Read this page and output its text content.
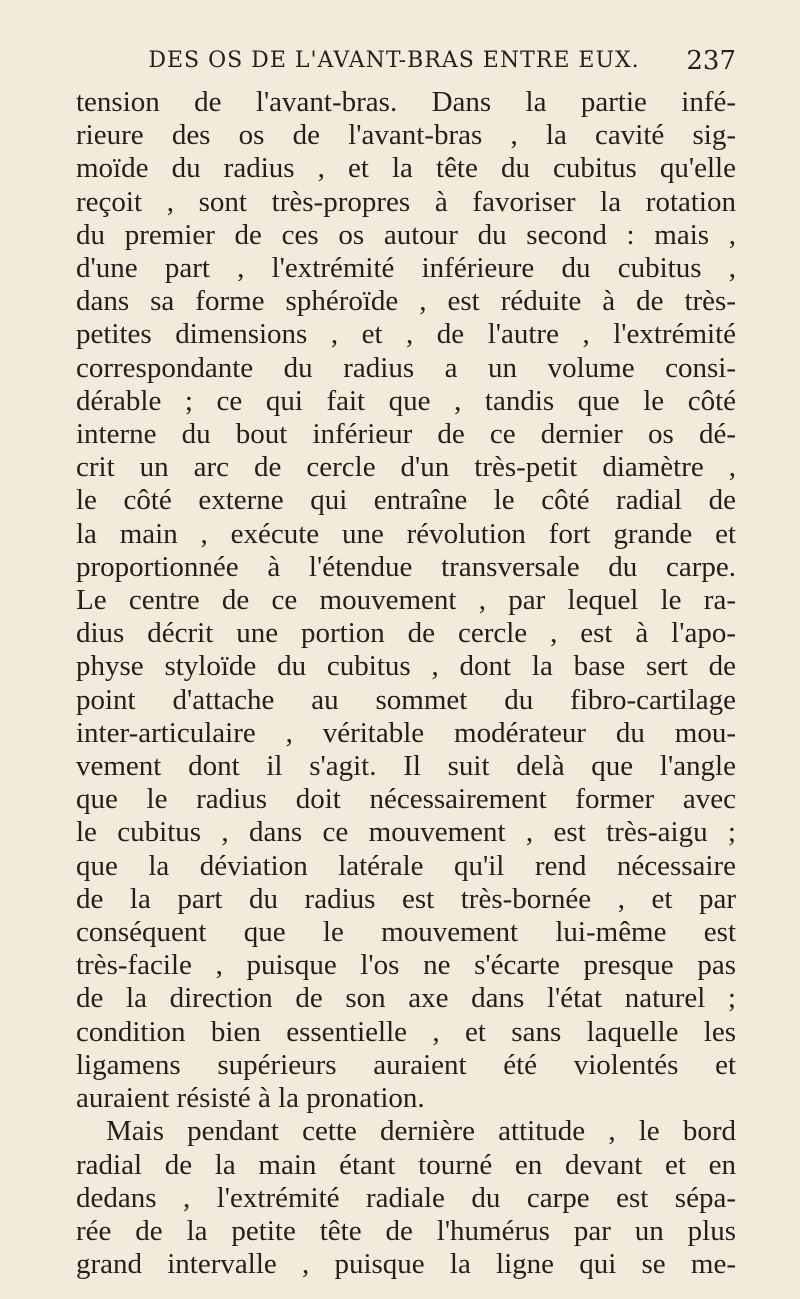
DES OS DE L'AVANT-BRAS ENTRE EUX. 237
tension de l'avant-bras. Dans la partie infé-
rieure des os de l'avant-bras , la cavité sig-
moïde du radius , et la tête du cubitus qu'elle
reçoit , sont très-propres à favoriser la rotation
du premier de ces os autour du second : mais ,
d'une part , l'extrémité inférieure du cubitus ,
dans sa forme sphéroïde , est réduite à de très-
petites dimensions , et , de l'autre , l'extrémité
correspondante du radius a un volume consi-
dérable ; ce qui fait que , tandis que le côté
interne du bout inférieur de ce dernier os dé-
crit un arc de cercle d'un très-petit diamètre ,
le côté externe qui entraîne le côté radial de
la main , exécute une révolution fort grande et
proportionnée à l'étendue transversale du carpe.
Le centre de ce mouvement , par lequel le ra-
dius décrit une portion de cercle , est à l'apo-
physe styloïde du cubitus , dont la base sert de
point d'attache au sommet du fibro-cartilage
inter-articulaire , véritable modérateur du mou-
vement dont il s'agit. Il suit delà que l'angle
que le radius doit nécessairement former avec
le cubitus , dans ce mouvement , est très-aigu ;
que la déviation latérale qu'il rend nécessaire
de la part du radius est très-bornée , et par
conséquent que le mouvement lui-même est
très-facile , puisque l'os ne s'écarte presque pas
de la direction de son axe dans l'état naturel ;
condition bien essentielle , et sans laquelle les
ligamens supérieurs auraient été violentés et
auraient résisté à la pronation.
Mais pendant cette dernière attitude , le bord
radial de la main étant tourné en devant et en
dedans , l'extrémité radiale du carpe est sépa-
rée de la petite tête de l'humérus par un plus
grand intervalle , puisque la ligne qui se me-
